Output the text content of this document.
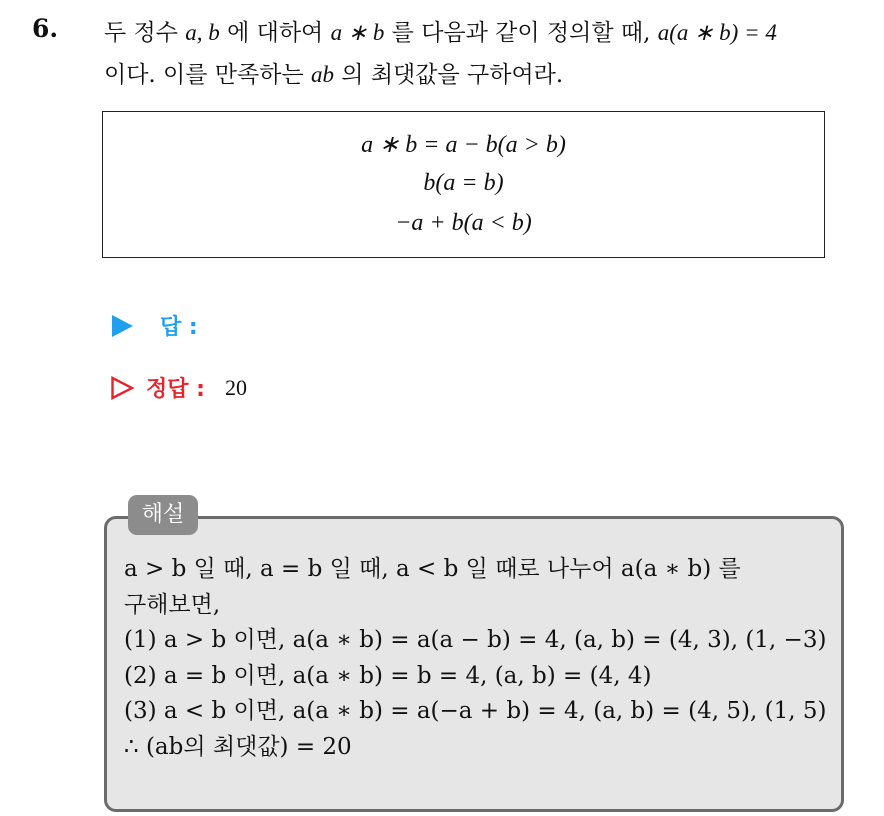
6. 두 정수 a, b 에 대하여 a ∗ b 를 다음과 같이 정의할 때, a(a ∗ b) = 4
이다. 이를 만족하는 ab 의 최댓값을 구하여라.
a ∗ b = a − b(a > b)
b(a = b)
−a + b(a < b)
답 :
정답 : 20
해설
a > b 일 때, a = b 일 때, a < b 일 때로 나누어 a(a ∗ b) 를
구해보면,
(1) a > b 이면, a(a ∗ b) = a(a − b) = 4, (a, b) = (4, 3), (1, −3)
(2) a = b 이면, a(a ∗ b) = b = 4, (a, b) = (4, 4)
(3) a < b 이면, a(a ∗ b) = a(−a + b) = 4, (a, b) = (4, 5), (1, 5)
∴ (ab의 최댓값) = 20
